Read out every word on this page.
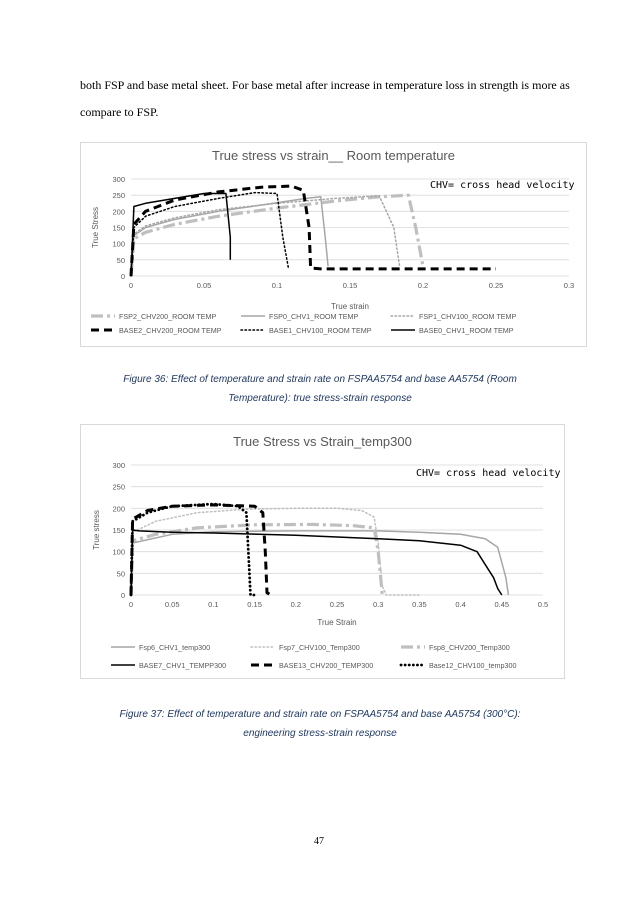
both FSP and base metal sheet. For base metal after increase in temperature loss in strength is more as compare to FSP.
True stress vs strain__ Room temperature
CHV= cross head velocity
0
50
100
150
200
250
300
0	0.05	0.1	0.15	0.2	0.25	0.3
True strain
True Stress
FSP2_CHV200_ROOM TEMP	FSP0_CHV1_ROOM TEMP	FSP1_CHV100_ROOM TEMP
BASE2_CHV200_ROOM TEMP	BASE1_CHV100_ROOM TEMP	BASE0_CHV1_ROOM TEMP
Figure 36: Effect of temperature and strain rate on FSPAA5754 and base AA5754 (Room
Temperature): true stress-strain response
True Stress vs Strain_temp300
CHV= cross head velocity
0
50
100
150
200
250
300
0	0.05	0.1	0.15	0.2	0.25	0.3	0.35	0.4	0.45	0.5
True Strain
True stress
Fsp6_CHV1_temp300	Fsp7_CHV100_Temp300	Fsp8_CHV200_Temp300
BASE7_CHV1_TEMPP300	BASE13_CHV200_TEMP300	Base12_CHV100_temp300
Figure 37: Effect of temperature and strain rate on FSPAA5754 and base AA5754 (300°C):
engineering stress-strain response
47
